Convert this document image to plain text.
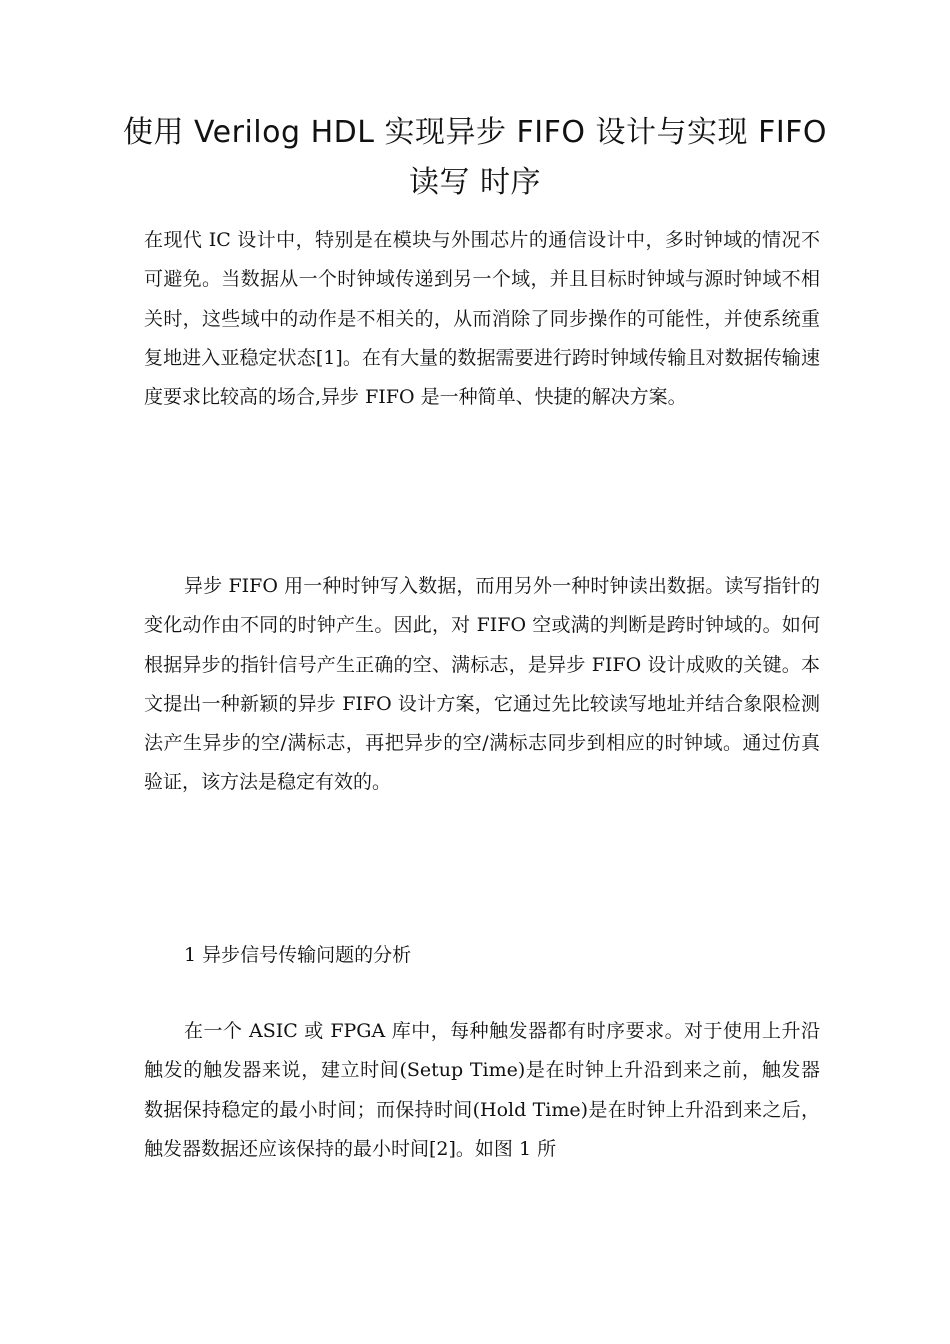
使用 Verilog HDL 实现异步 FIFO 设计与实现 FIFO 读写 时序

在现代 IC 设计中，特别是在模块与外围芯片的通信设计中，多时钟域的情况不可避免。当数据从一个时钟域传递到另一个域，并且目标时钟域与源时钟域不相关时，这些域中的动作是不相关的，从而消除了同步操作的可能性，并使系统重复地进入亚稳定状态[1]。在有大量的数据需要进行跨时钟域传输且对数据传输速度要求比较高的场合,异步 FIFO 是一种简单、快捷的解决方案。

异步 FIFO 用一种时钟写入数据，而用另外一种时钟读出数据。读写指针的变化动作由不同的时钟产生。因此，对 FIFO 空或满的判断是跨时钟域的。如何根据异步的指针信号产生正确的空、满标志，是异步 FIFO 设计成败的关键。本文提出一种新颖的异步 FIFO 设计方案，它通过先比较读写地址并结合象限检测法产生异步的空/满标志，再把异步的空/满标志同步到相应的时钟域。通过仿真验证，该方法是稳定有效的。

1 异步信号传输问题的分析

在一个 ASIC 或 FPGA 库中，每种触发器都有时序要求。对于使用上升沿触发的触发器来说，建立时间(Setup Time)是在时钟上升沿到来之前，触发器数据保持稳定的最小时间；而保持时间(Hold Time)是在时钟上升沿到来之后，触发器数据还应该保持的最小时间[2]。如图 1 所
